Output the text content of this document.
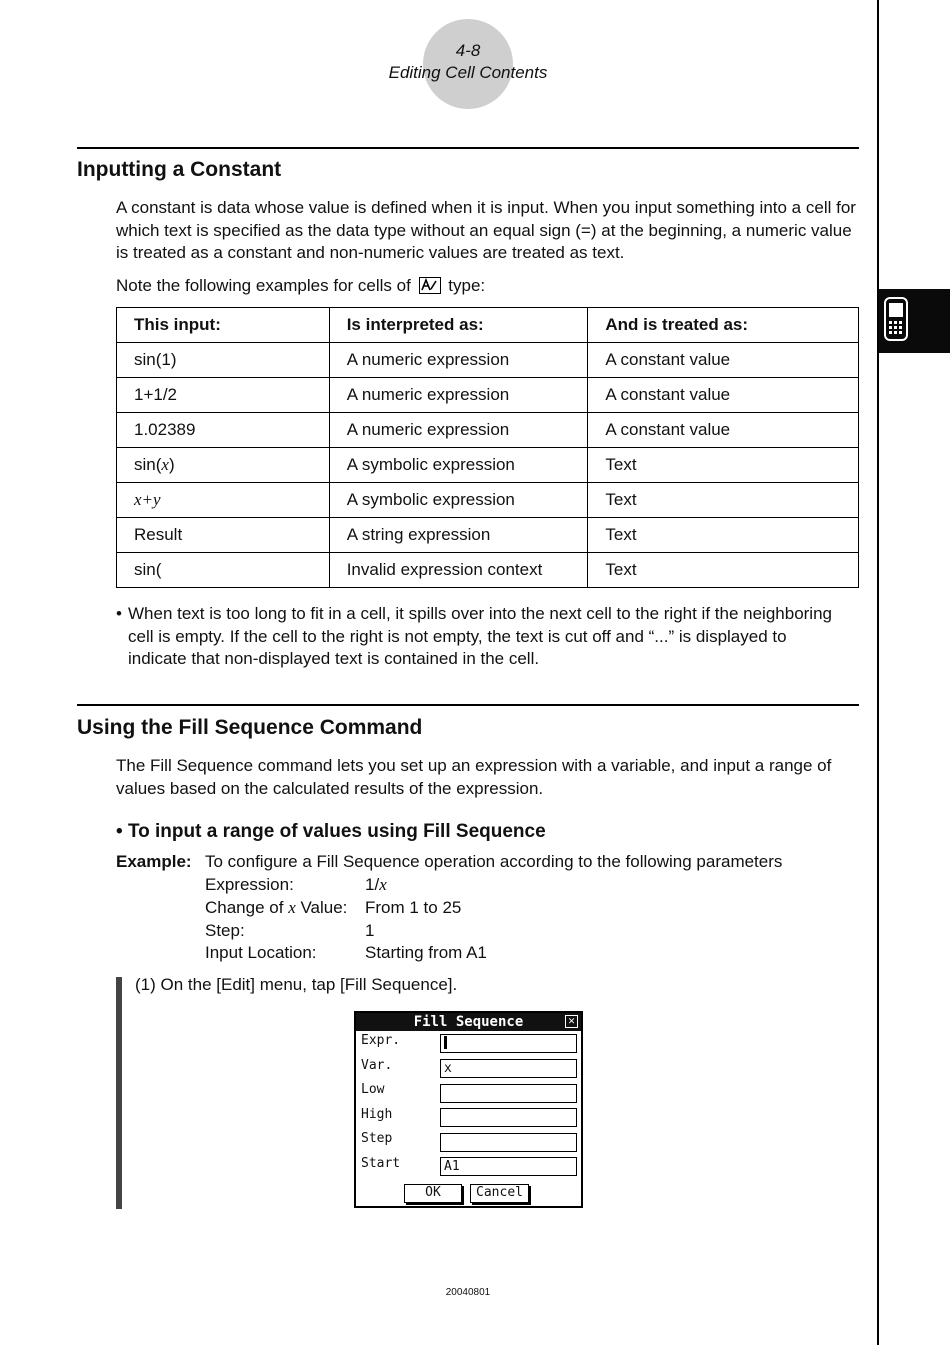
4-8
Editing Cell Contents
Inputting a Constant
A constant is data whose value is defined when it is input. When you input something into a cell for which text is specified as the data type without an equal sign (=) at the beginning, a numeric value is treated as a constant and non-numeric values are treated as text.
Note the following examples for cells of type:
This input:	Is interpreted as:	And is treated as:
sin(1)	A numeric expression	A constant value
1+1/2	A numeric expression	A constant value
1.02389	A numeric expression	A constant value
sin(x)	A symbolic expression	Text
x+y	A symbolic expression	Text
Result	A string expression	Text
sin(	Invalid expression context	Text
• When text is too long to fit in a cell, it spills over into the next cell to the right if the neighboring cell is empty. If the cell to the right is not empty, the text is cut off and “...” is displayed to indicate that non-displayed text is contained in the cell.
Using the Fill Sequence Command
The Fill Sequence command lets you set up an expression with a variable, and input a range of values based on the calculated results of the expression.
• To input a range of values using Fill Sequence
Example: To configure a Fill Sequence operation according to the following parameters
Expression:	1/x
Change of x Value: From 1 to 25
Step:	1
Input Location:	Starting from A1
(1) On the [Edit] menu, tap [Fill Sequence].
Fill Sequence	✕
Expr.
Var.	x
Low
High
Step
Start	A1
OK	Cancel
20040801
